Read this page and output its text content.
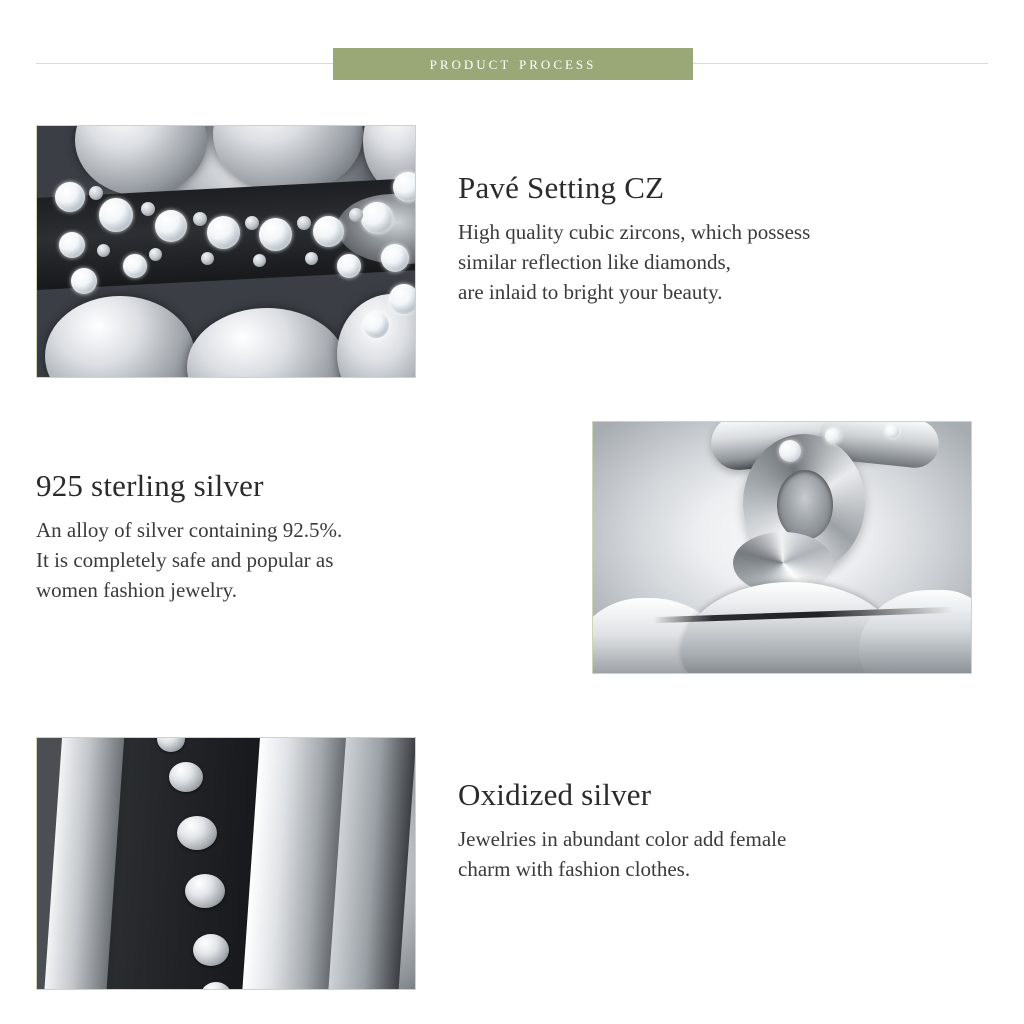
product process
Pavé Setting CZ

High quality cubic zircons, which possess
similar reflection like diamonds,
are inlaid to bright your beauty.

925 sterling silver

An alloy of silver containing 92.5%.
It is completely safe and popular as
women fashion jewelry.

Oxidized silver

Jewelries in abundant color add female
charm with fashion clothes.
